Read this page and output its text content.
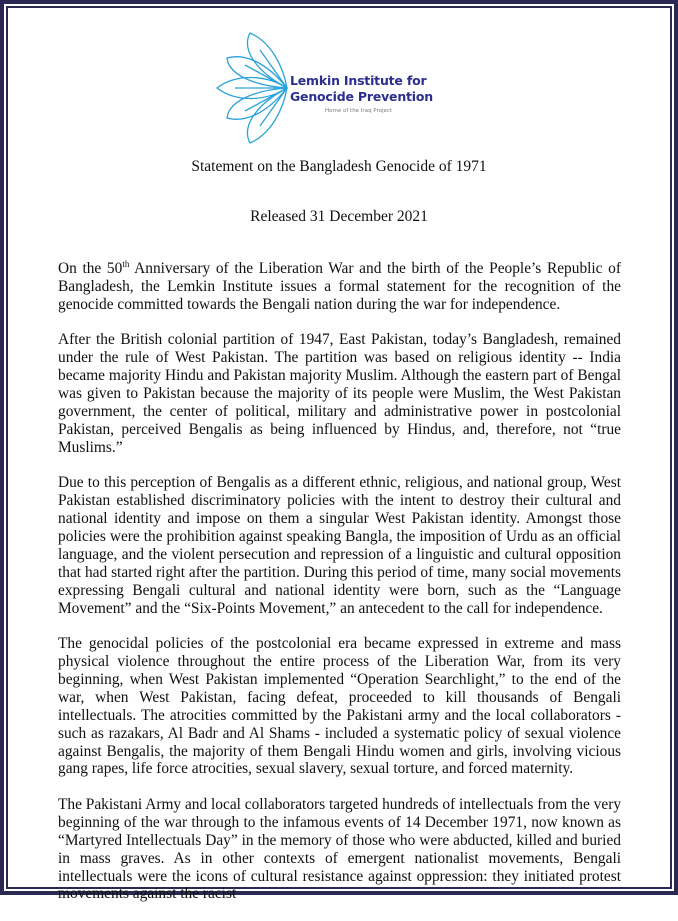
Lemkin Institute for
Genocide Prevention
Home of the Iraq Project
Statement on the Bangladesh Genocide of 1971
Released 31 December 2021

On the 50th Anniversary of the Liberation War and the birth of the People’s Republic of Bangladesh, the Lemkin Institute issues a formal statement for the recognition of the genocide committed towards the Bengali nation during the war for independence.

After the British colonial partition of 1947, East Pakistan, today’s Bangladesh, remained under the rule of West Pakistan. The partition was based on religious identity -- India became majority Hindu and Pakistan majority Muslim. Although the eastern part of Bengal was given to Pakistan because the majority of its people were Muslim, the West Pakistan government, the center of political, military and administrative power in postcolonial Pakistan, perceived Bengalis as being influenced by Hindus, and, therefore, not “true Muslims.”

Due to this perception of Bengalis as a different ethnic, religious, and national group, West Pakistan established discriminatory policies with the intent to destroy their cultural and national identity and impose on them a singular West Pakistan identity. Amongst those policies were the prohibition against speaking Bangla, the imposition of Urdu as an official language, and the violent persecution and repression of a linguistic and cultural opposition that had started right after the partition. During this period of time, many social movements expressing Bengali cultural and national identity were born, such as the “Language Movement” and the “Six-Points Movement,” an antecedent to the call for independence.

The genocidal policies of the postcolonial era became expressed in extreme and mass physical violence throughout the entire process of the Liberation War, from its very beginning, when West Pakistan implemented “Operation Searchlight,” to the end of the war, when West Pakistan, facing defeat, proceeded to kill thousands of Bengali intellectuals. The atrocities committed by the Pakistani army and the local collaborators - such as razakars, Al Badr and Al Shams - included a systematic policy of sexual violence against Bengalis, the majority of them Bengali Hindu women and girls, involving vicious gang rapes, life force atrocities, sexual slavery, sexual torture, and forced maternity.

The Pakistani Army and local collaborators targeted hundreds of intellectuals from the very beginning of the war through to the infamous events of 14 December 1971, now known as “Martyred Intellectuals Day” in the memory of those who were abducted, killed and buried in mass graves. As in other contexts of emergent nationalist movements, Bengali intellectuals were the icons of cultural resistance against oppression: they initiated protest movements against the racist
